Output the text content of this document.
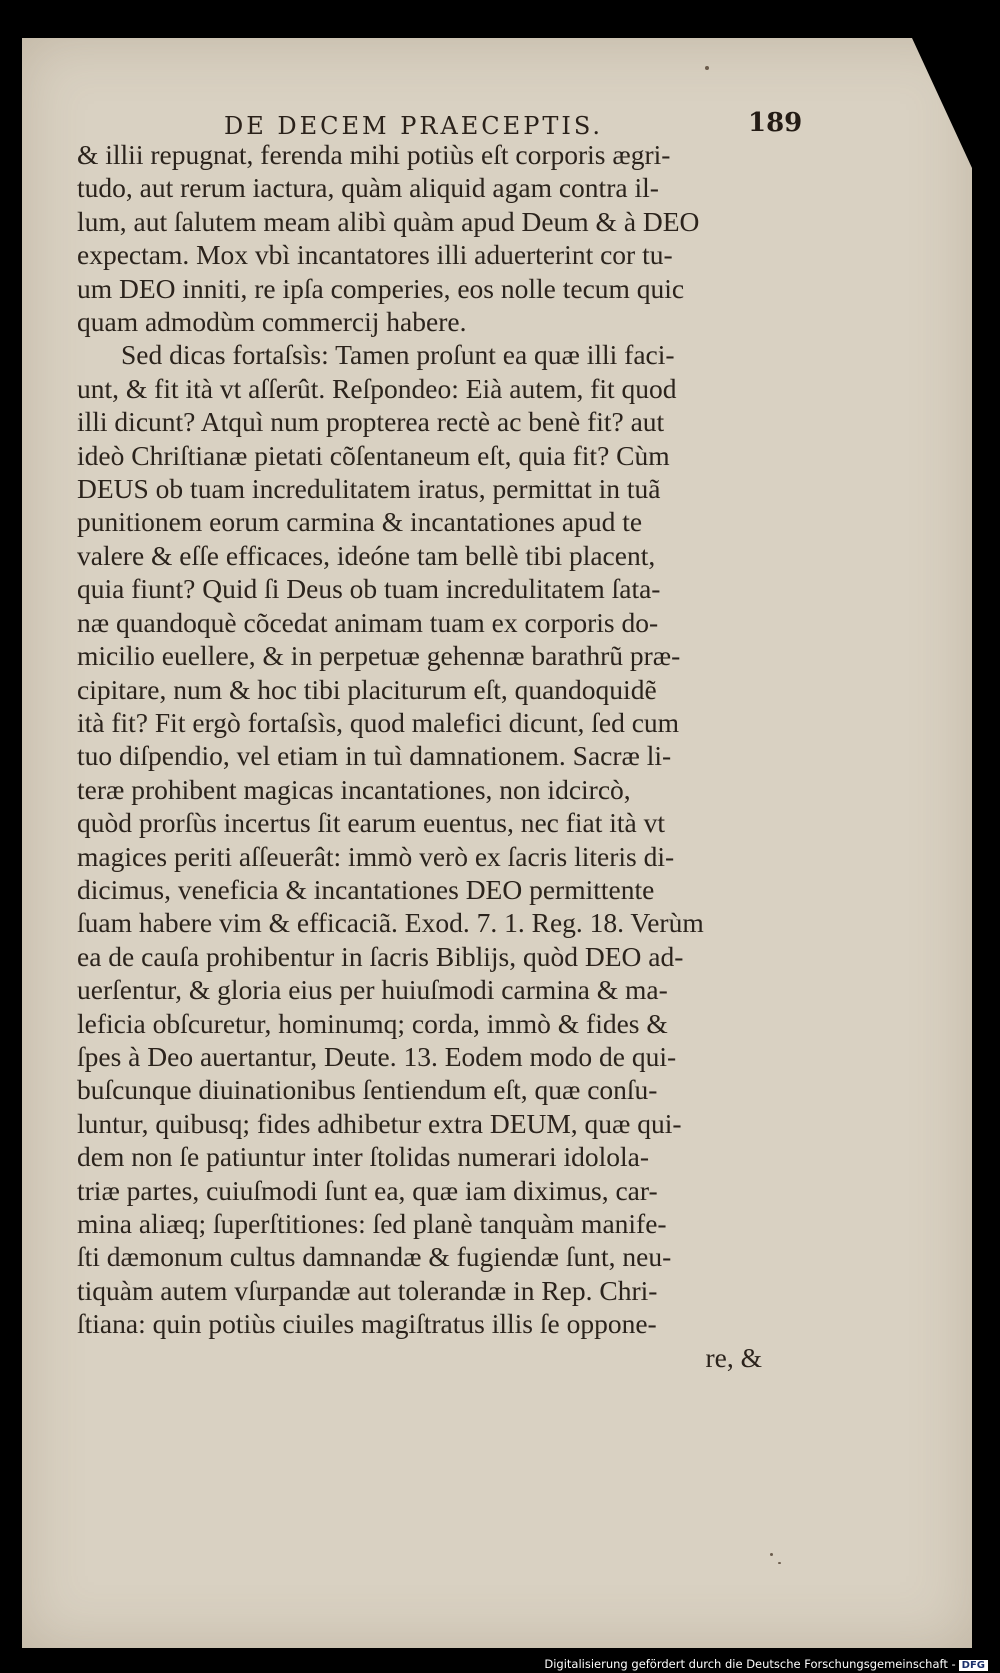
DE DECEM PRAECEPTIS.	189
& illii repugnat, ferenda mihi potiùs eſt corporis ægri-
tudo, aut rerum iactura, quàm aliquid agam contra il-
lum, aut ſalutem meam alibì quàm apud Deum & à DEO
expectam. Mox vbì incantatores illi aduerterint cor tu-
um DEO inniti, re ipſa comperies, eos nolle tecum quic
quam admodùm commercij habere.
Sed dicas fortaſsìs: Tamen proſunt ea quæ illi faci-
unt, & fit ità vt aſſerût. Reſpondeo: Eià autem, fit quod
illi dicunt? Atquì num propterea rectè ac benè fit? aut
ideò Chriſtianæ pietati cõſentaneum eſt, quia fit? Cùm
DEUS ob tuam incredulitatem iratus, permittat in tuã
punitionem eorum carmina & incantationes apud te
valere & eſſe efficaces, ideóne tam bellè tibi placent,
quia fiunt? Quid ſi Deus ob tuam incredulitatem ſata-
næ quandoquè cõcedat animam tuam ex corporis do-
micilio euellere, & in perpetuæ gehennæ barathrũ præ-
cipitare, num & hoc tibi placiturum eſt, quandoquidẽ
ità fit? Fit ergò fortaſsìs, quod malefici dicunt, ſed cum
tuo diſpendio, vel etiam in tuì damnationem. Sacræ li-
teræ prohibent magicas incantationes, non idcircò,
quòd prorſùs incertus ſit earum euentus, nec fiat ità vt
magices periti aſſeuerât: immò verò ex ſacris literis di-
dicimus, veneficia & incantationes DEO permittente
ſuam habere vim & efficaciã. Exod. 7. 1. Reg. 18. Verùm
ea de cauſa prohibentur in ſacris Biblijs, quòd DEO ad-
uerſentur, & gloria eius per huiuſmodi carmina & ma-
leficia obſcuretur, hominumq; corda, immò & fides &
ſpes à Deo auertantur, Deute. 13. Eodem modo de qui-
buſcunque diuinationibus ſentiendum eſt, quæ conſu-
luntur, quibusq; fides adhibetur extra DEUM, quæ qui-
dem non ſe patiuntur inter ſtolidas numerari idolola-
triæ partes, cuiuſmodi ſunt ea, quæ iam diximus, car-
mina aliæq; ſuperſtitiones: ſed planè tanquàm manife-
ſti dæmonum cultus damnandæ & fugiendæ ſunt, neu-
tiquàm autem vſurpandæ aut tolerandæ in Rep. Chri-
ſtiana: quin potiùs ciuiles magiſtratus illis ſe oppone-
re, &
Digitalisierung gefördert durch die Deutsche Forschungsgemeinschaft - DFG
